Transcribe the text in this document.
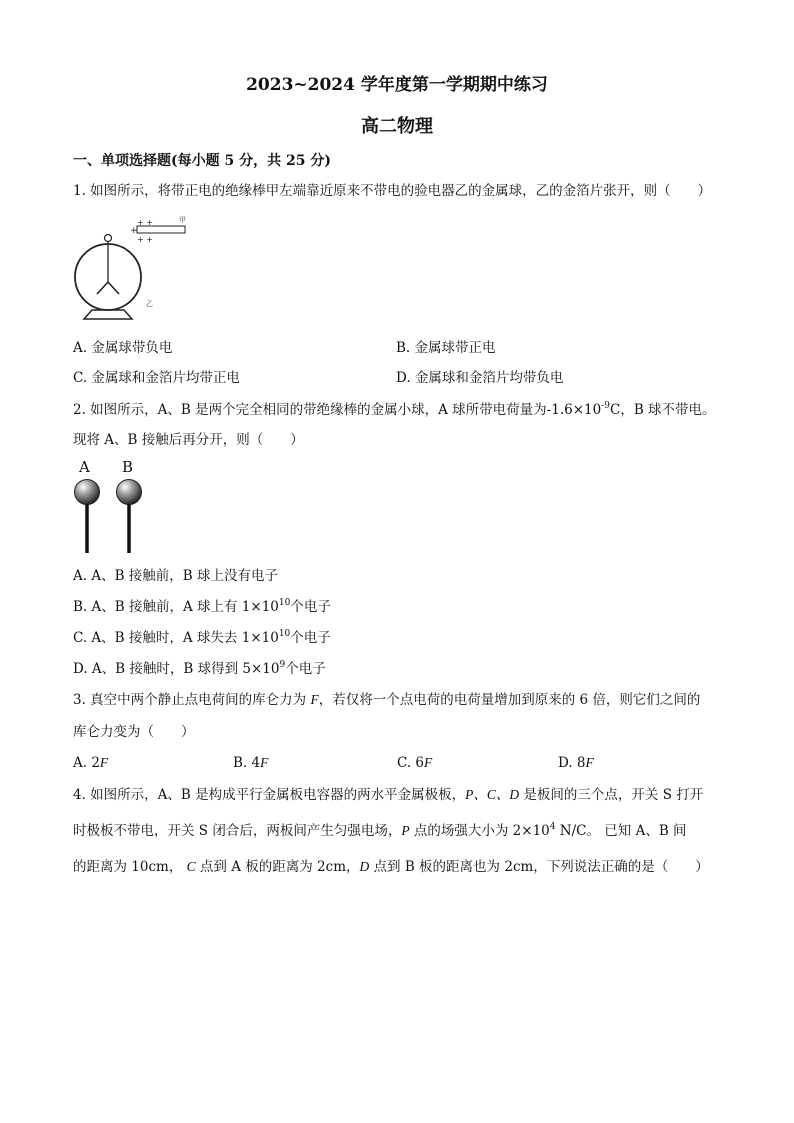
2023~2024 学年度第一学期期中练习
高二物理
一、单项选择题(每小题 5 分，共 25 分)
1. 如图所示，将带正电的绝缘棒甲左端靠近原来不带电的验电器乙的金属球，乙的金箔片张开，则（　　）
+
+ +
+ +
甲
乙
A. 金属球带负电	B. 金属球带正电
C. 金属球和金箔片均带正电	D. 金属球和金箔片均带负电
2. 如图所示，A、B 是两个完全相同的带绝缘棒的金属小球，A 球所带电荷量为$-1.6\times 10^{-9}C$，B 球不带电。
现将 A、B 接触后再分开，则（　　）
A B
A. A、B 接触前，B 球上没有电子
B. A、B 接触前，A 球上有 $1\times 10^{10}$个电子
C. A、B 接触时，A 球失去 $1\times 10^{10}$个电子
D. A、B 接触时，B 球得到 $5\times 10^9$个电子
3. 真空中两个静止点电荷间的库仑力为 F，若仅将一个点电荷的电荷量增加到原来的 6 倍，则它们之间的
库仑力变为（　　）
A. 2F	B. 4F	C. 6F	D. 8F
4. 如图所示，A、B 是构成平行金属板电容器的两水平金属极板，P、C、D 是板间的三个点，开关 S 打开
时极板不带电，开关 S 闭合后，两板间产生匀强电场，P 点的场强大小为 $2\times 10^4$ N/C。 已知 A、B 间
的距离为 10cm， C 点到 A 板的距离为 2cm，D 点到 B 板的距离也为 2cm，下列说法正确的是（　　）
